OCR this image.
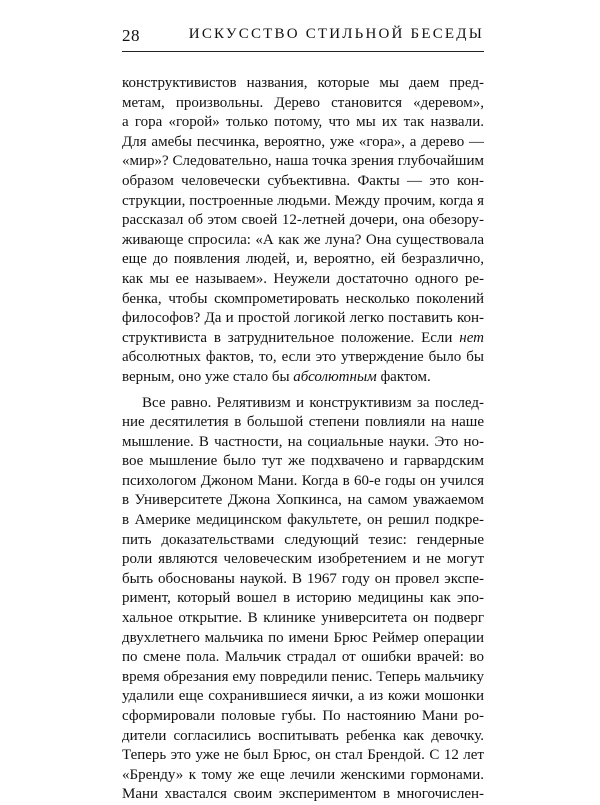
28	ИСКУССТВО СТИЛЬНОЙ БЕСЕДЫ
конструктивистов названия, которые мы даем пред-
метам, произвольны. Дерево становится «деревом»,
а гора «горой» только потому, что мы их так назвали.
Для амебы песчинка, вероятно, уже «гора», а дерево —
«мир»? Следовательно, наша точка зрения глубочайшим
образом человечески субъективна. Факты — это кон-
струкции, построенные людьми. Между прочим, когда я
рассказал об этом своей 12-летней дочери, она обезору-
живающе спросила: «А как же луна? Она существовала
еще до появления людей, и, вероятно, ей безразлично,
как мы ее называем». Неужели достаточно одного ре-
бенка, чтобы скомпрометировать несколько поколений
философов? Да и простой логикой легко поставить кон-
структивиста в затруднительное положение. Если нет
абсолютных фактов, то, если это утверждение было бы
верным, оно уже стало бы абсолютным фактом.
Все равно. Релятивизм и конструктивизм за послед-
ние десятилетия в большой степени повлияли на наше
мышление. В частности, на социальные науки. Это но-
вое мышление было тут же подхвачено и гарвардским
психологом Джоном Мани. Когда в 60-е годы он учился
в Университете Джона Хопкинса, на самом уважаемом
в Америке медицинском факультете, он решил подкре-
пить доказательствами следующий тезис: гендерные
роли являются человеческим изобретением и не могут
быть обоснованы наукой. В 1967 году он провел экспе-
римент, который вошел в историю медицины как эпо-
хальное открытие. В клинике университета он подверг
двухлетнего мальчика по имени Брюс Реймер операции
по смене пола. Мальчик страдал от ошибки врачей: во
время обрезания ему повредили пенис. Теперь мальчику
удалили еще сохранившиеся яички, а из кожи мошонки
сформировали половые губы. По настоянию Мани ро-
дители согласились воспитывать ребенка как девочку.
Теперь это уже не был Брюс, он стал Брендой. С 12 лет
«Бренду» к тому же еще лечили женскими гормонами.
Мани хвастался своим экспериментом в многочислен-
